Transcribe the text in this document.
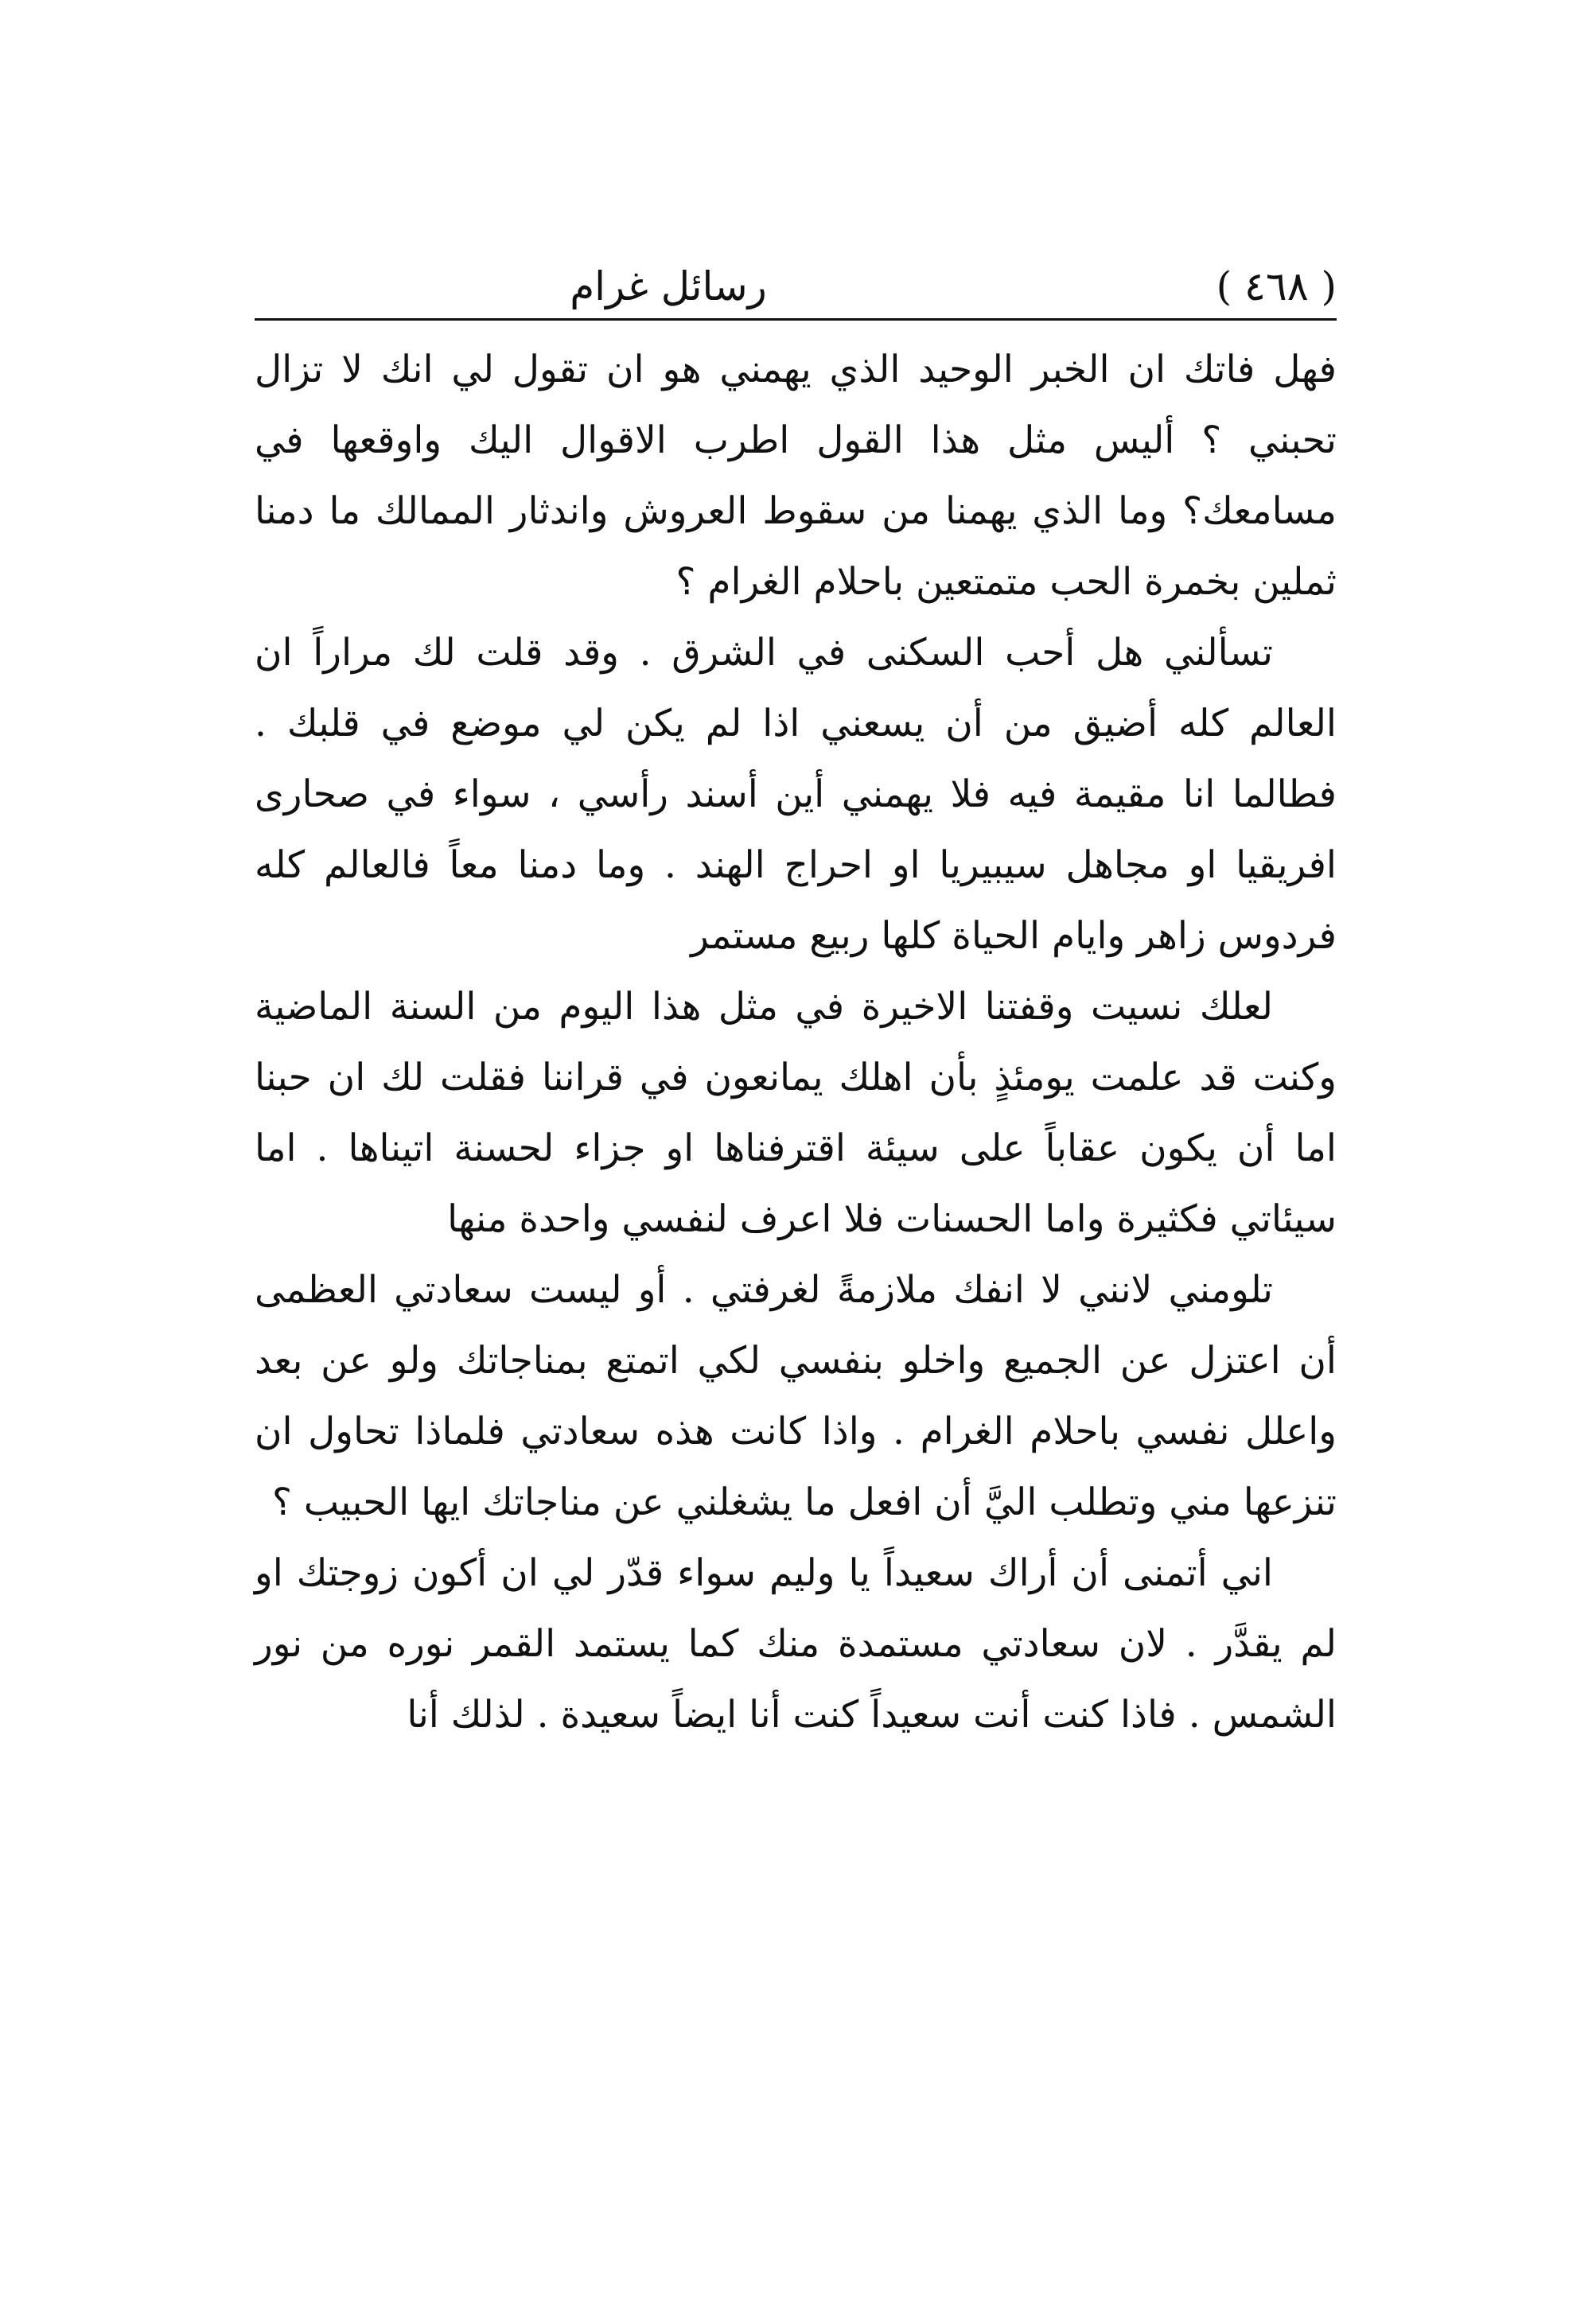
( ٤٦٨ )
رسائل غرام

فهل فاتك ان الخبر الوحيد الذي يهمني هو ان تقول لي انك لا تزال تحبني ؟ أليس مثل هذا القول اطرب الاقوال اليك واوقعها في مسامعك؟ وما الذي يهمنا من سقوط العروش واندثار الممالك ما دمنا ثملين بخمرة الحب متمتعين باحلام الغرام ؟

تسألني هل أحب السكنى في الشرق . وقد قلت لك مراراً ان العالم كله أضيق من أن يسعني اذا لم يكن لي موضع في قلبك . فطالما انا مقيمة فيه فلا يهمني أين أسند رأسي ، سواء في صحارى افريقيا او مجاهل سيبيريا او احراج الهند . وما دمنا معاً فالعالم كله فردوس زاهر وايام الحياة كلها ربيع مستمر

لعلك نسيت وقفتنا الاخيرة في مثل هذا اليوم من السنة الماضية وكنت قد علمت يومئذٍ بأن اهلك يمانعون في قراننا فقلت لك ان حبنا اما أن يكون عقاباً على سيئة اقترفناها او جزاء لحسنة اتيناها . اما سيئاتي فكثيرة واما الحسنات فلا اعرف لنفسي واحدة منها

تلومني لانني لا انفك ملازمةً لغرفتي . أو ليست سعادتي العظمى أن اعتزل عن الجميع واخلو بنفسي لكي اتمتع بمناجاتك ولو عن بعد واعلل نفسي باحلام الغرام . واذا كانت هذه سعادتي فلماذا تحاول ان تنزعها مني وتطلب اليَّ أن افعل ما يشغلني عن مناجاتك ايها الحبيب ؟

اني أتمنى أن أراك سعيداً يا وليم سواء قدّر لي ان أكون زوجتك او لم يقدَّر . لان سعادتي مستمدة منك كما يستمد القمر نوره من نور الشمس . فاذا كنت أنت سعيداً كنت أنا ايضاً سعيدة . لذلك أنا
